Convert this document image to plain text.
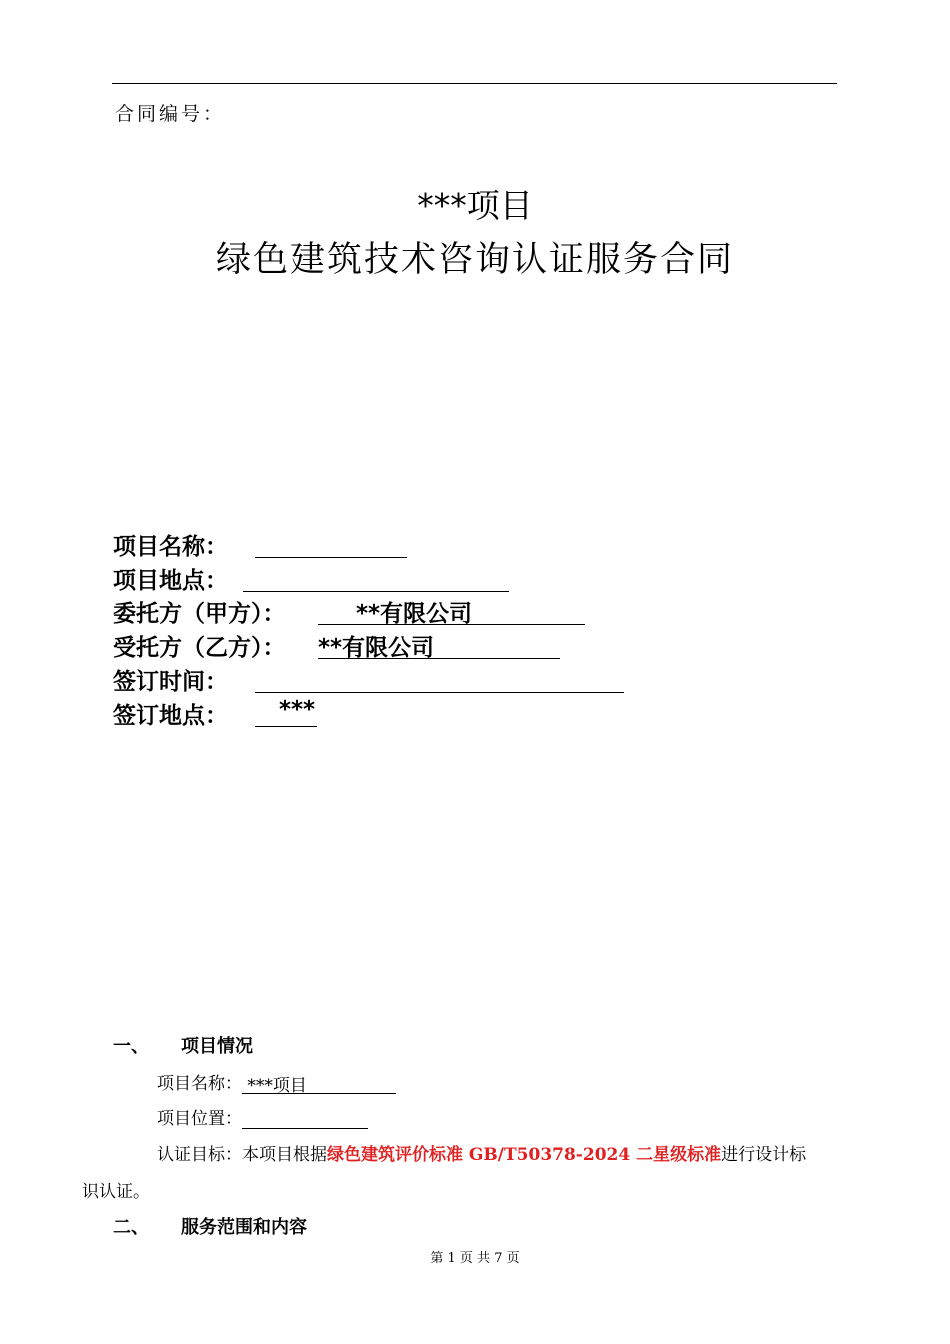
合同编号：
***项目
绿色建筑技术咨询认证服务合同
项目名称：
项目地点：
委托方（甲方）：	**有限公司
受托方（乙方）： **有限公司
签订时间：
签订地点： ***
一、 项目情况
项目名称： ***项目
项目位置：
认证目标：本项目根据绿色建筑评价标准 GB/T50378-2024 二星级标准进行设计标
识认证。
二、 服务范围和内容
第 1 页 共 7 页
